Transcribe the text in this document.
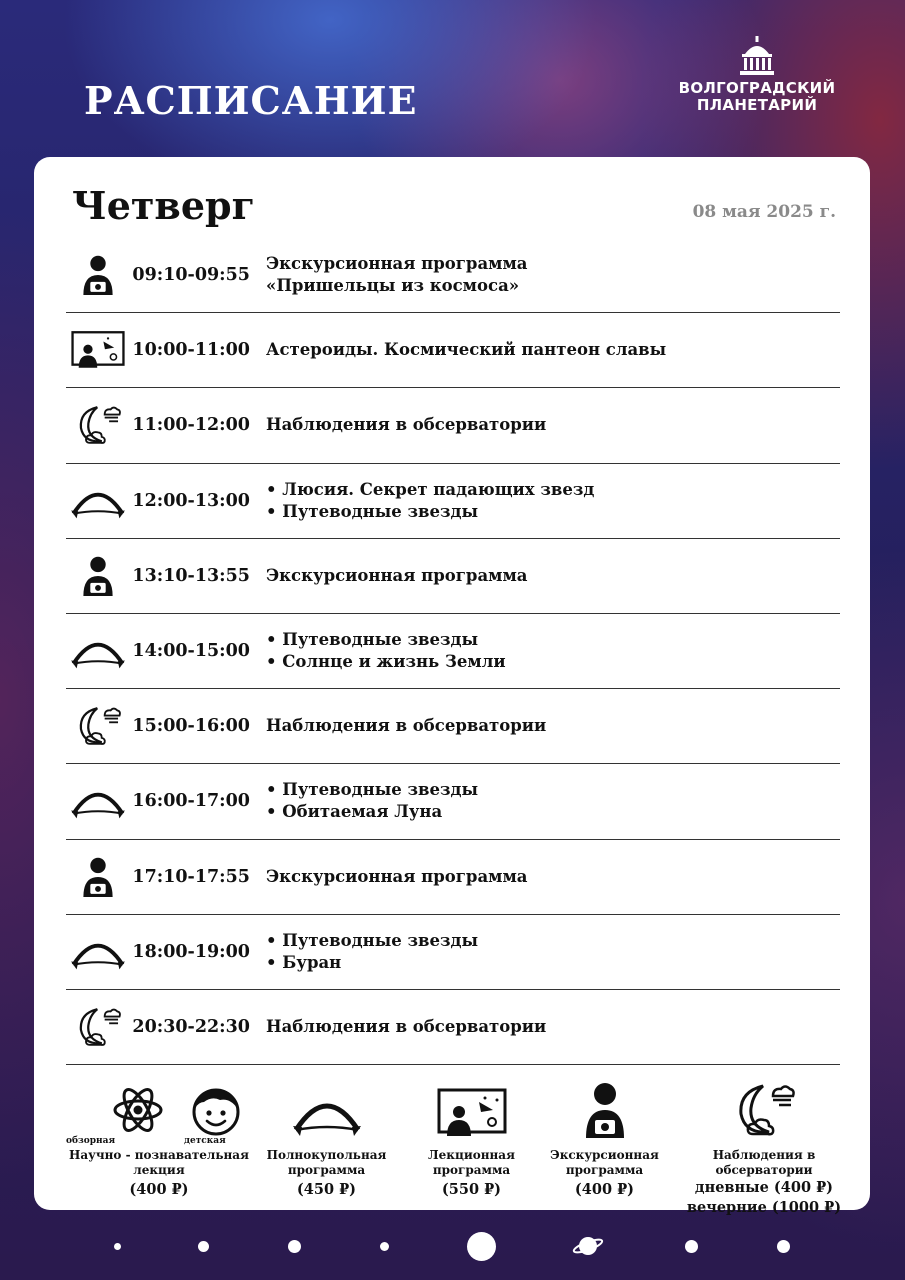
РАСПИСАНИЕ	ВОЛГОГРАДСКИЙ
ПЛАНЕТАРИЙ
Четверг	08 мая 2025 г.
09:10-09:55
Экскурсионная программа
«Пришельцы из космоса»
10:00-11:00 Астероиды. Космический пантеон славы
11:00-12:00 Наблюдения в обсерватории
12:00-13:00
• Люсия. Секрет падающих звезд
• Путеводные звезды
13:10-13:55 Экскурсионная программа
14:00-15:00
• Путеводные звезды
• Солнце и жизнь Земли
15:00-16:00 Наблюдения в обсерватории
16:00-17:00
• Путеводные звезды
• Обитаемая Луна
17:10-17:55 Экскурсионная программа
18:00-19:00
• Путеводные звезды
• Буран
20:30-22:30 Наблюдения в обсерватории
обзорная	детская
Научно - познавательная
лекция
(400 ₽)
Полнокупольная
программа
(450 ₽)
Лекционная
программа
(550 ₽)
Экскурсионная
программа
(400 ₽)
Наблюдения в обсерватории
дневные (400 ₽)
вечерние (1000 ₽)
